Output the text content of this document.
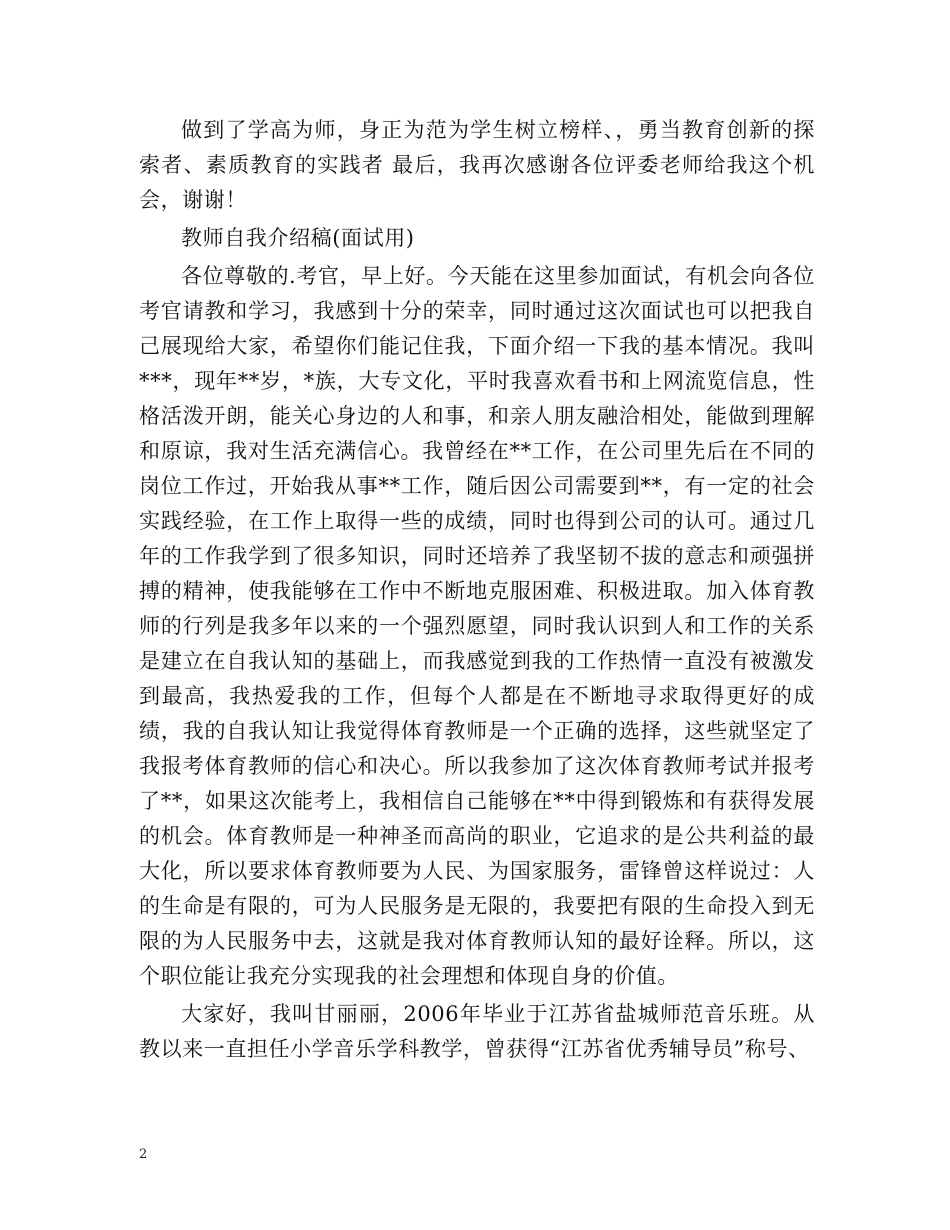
做到了学高为师，身正为范为学生树立榜样、，勇当教育创新的探索者、素质教育的实践者 最后，我再次感谢各位评委老师给我这个机会，谢谢！

教师自我介绍稿(面试用)

各位尊敬的.考官，早上好。今天能在这里参加面试，有机会向各位考官请教和学习，我感到十分的荣幸，同时通过这次面试也可以把我自己展现给大家，希望你们能记住我，下面介绍一下我的基本情况。我叫***，现年**岁，*族，大专文化，平时我喜欢看书和上网流览信息，性格活泼开朗，能关心身边的人和事，和亲人朋友融洽相处，能做到理解和原谅，我对生活充满信心。我曾经在**工作，在公司里先后在不同的岗位工作过，开始我从事**工作，随后因公司需要到**，有一定的社会实践经验，在工作上取得一些的成绩，同时也得到公司的认可。通过几年的工作我学到了很多知识，同时还培养了我坚韧不拔的意志和顽强拼搏的精神，使我能够在工作中不断地克服困难、积极进取。加入体育教师的行列是我多年以来的一个强烈愿望，同时我认识到人和工作的关系是建立在自我认知的基础上，而我感觉到我的工作热情一直没有被激发到最高，我热爱我的工作，但每个人都是在不断地寻求取得更好的成绩，我的自我认知让我觉得体育教师是一个正确的选择，这些就坚定了我报考体育教师的信心和决心。所以我参加了这次体育教师考试并报考了**，如果这次能考上，我相信自己能够在**中得到锻炼和有获得发展的机会。体育教师是一种神圣而高尚的职业，它追求的是公共利益的最大化，所以要求体育教师要为人民、为国家服务，雷锋曾这样说过：人的生命是有限的，可为人民服务是无限的，我要把有限的生命投入到无限的为人民服务中去，这就是我对体育教师认知的最好诠释。所以，这个职位能让我充分实现我的社会理想和体现自身的价值。

大家好，我叫甘丽丽，2006年毕业于江苏省盐城师范音乐班。从教以来一直担任小学音乐学科教学，曾获得“江苏省优秀辅导员”称号、

2
